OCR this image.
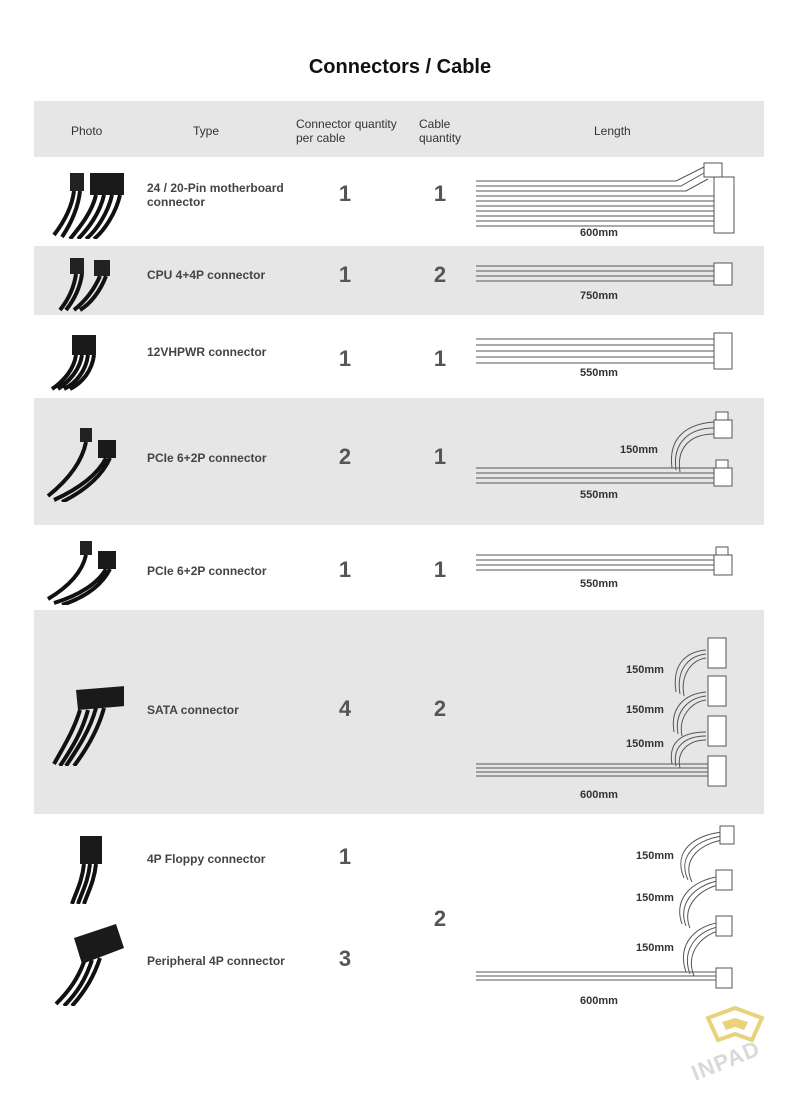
Connectors / Cable
Photo	Type	Connector quantity
per cable
Cable
quantity	Length
24 / 20-Pin motherboard
connector	1	1
600mm
CPU 4+4P connector	1	2
750mm
12VHPWR connector	1	1
550mm
PCIe 6+2P connector	2	1	150mm
550mm
PCIe 6+2P connector	1	1
550mm
SATA connector	4	2
150mm
150mm
150mm
600mm
4P Floppy connector	1
Peripheral 4P connector	3
2
150mm
150mm
150mm
600mm
INPAD
